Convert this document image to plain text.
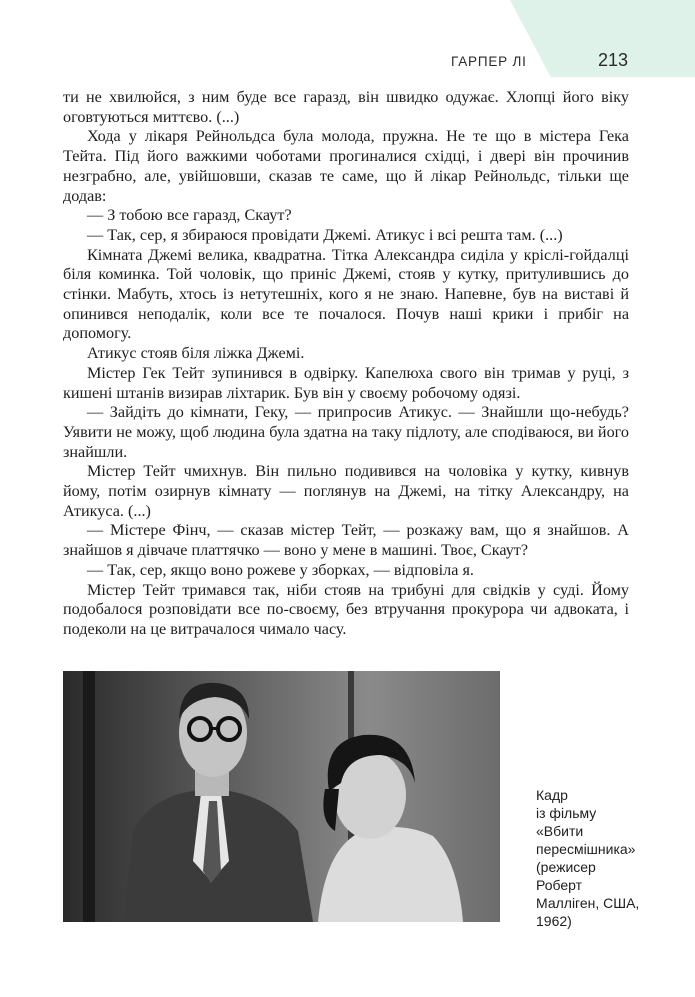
ГАРПЕР ЛІ	213

ти не хвилюйся, з ним буде все гаразд, він швидко одужає. Хлопці його віку оговтуються миттєво. (...)

Хода у лікаря Рейнольдса була молода, пружна. Не те що в містера Гека Тейта. Під його важкими чоботами прогиналися східці, і двері він прочинив незграбно, але, увійшовши, сказав те саме, що й лікар Рейнольдс, тільки ще додав:

— З тобою все гаразд, Скаут?

— Так, сер, я збираюся провідати Джемі. Атикус і всі решта там. (...)

Кімната Джемі велика, квадратна. Тітка Александра сиділа у кріслі-гойдалці біля коминка. Той чоловік, що приніс Джемі, стояв у кутку, притулившись до стінки. Мабуть, хтось із нетутешніх, кого я не знаю. Напевне, був на виставі й опинився неподалік, коли все те почалося. Почув наші крики і прибіг на допомогу.

Атикус стояв біля ліжка Джемі.

Містер Гек Тейт зупинився в одвірку. Капелюха свого він тримав у руці, з кишені штанів визирав ліхтарик. Був він у своєму робочому одязі.

— Зайдіть до кімнати, Геку, — припросив Атикус. — Знайшли що-небудь? Уявити не можу, щоб людина була здатна на таку підлоту, але сподіваюся, ви його знайшли.

Містер Тейт чмихнув. Він пильно подивився на чоловіка у кутку, кивнув йому, потім озирнув кімнату — поглянув на Джемі, на тітку Александру, на Атикуса. (...)

— Містере Фінч, — сказав містер Тейт, — розкажу вам, що я знайшов. А знайшов я дівчаче платтячко — воно у мене в машині. Твоє, Скаут?

— Так, сер, якщо воно рожеве у зборках, — відповіла я.

Містер Тейт тримався так, ніби стояв на трибуні для свідків у суді. Йому подобалося розповідати все по-своєму, без втручання прокурора чи адвоката, і подеколи на це витрачалося чимало часу.

Кадр
із фільму
«Вбити
пересмішника»
(режисер
Роберт
Маллiген, США,
1962)
